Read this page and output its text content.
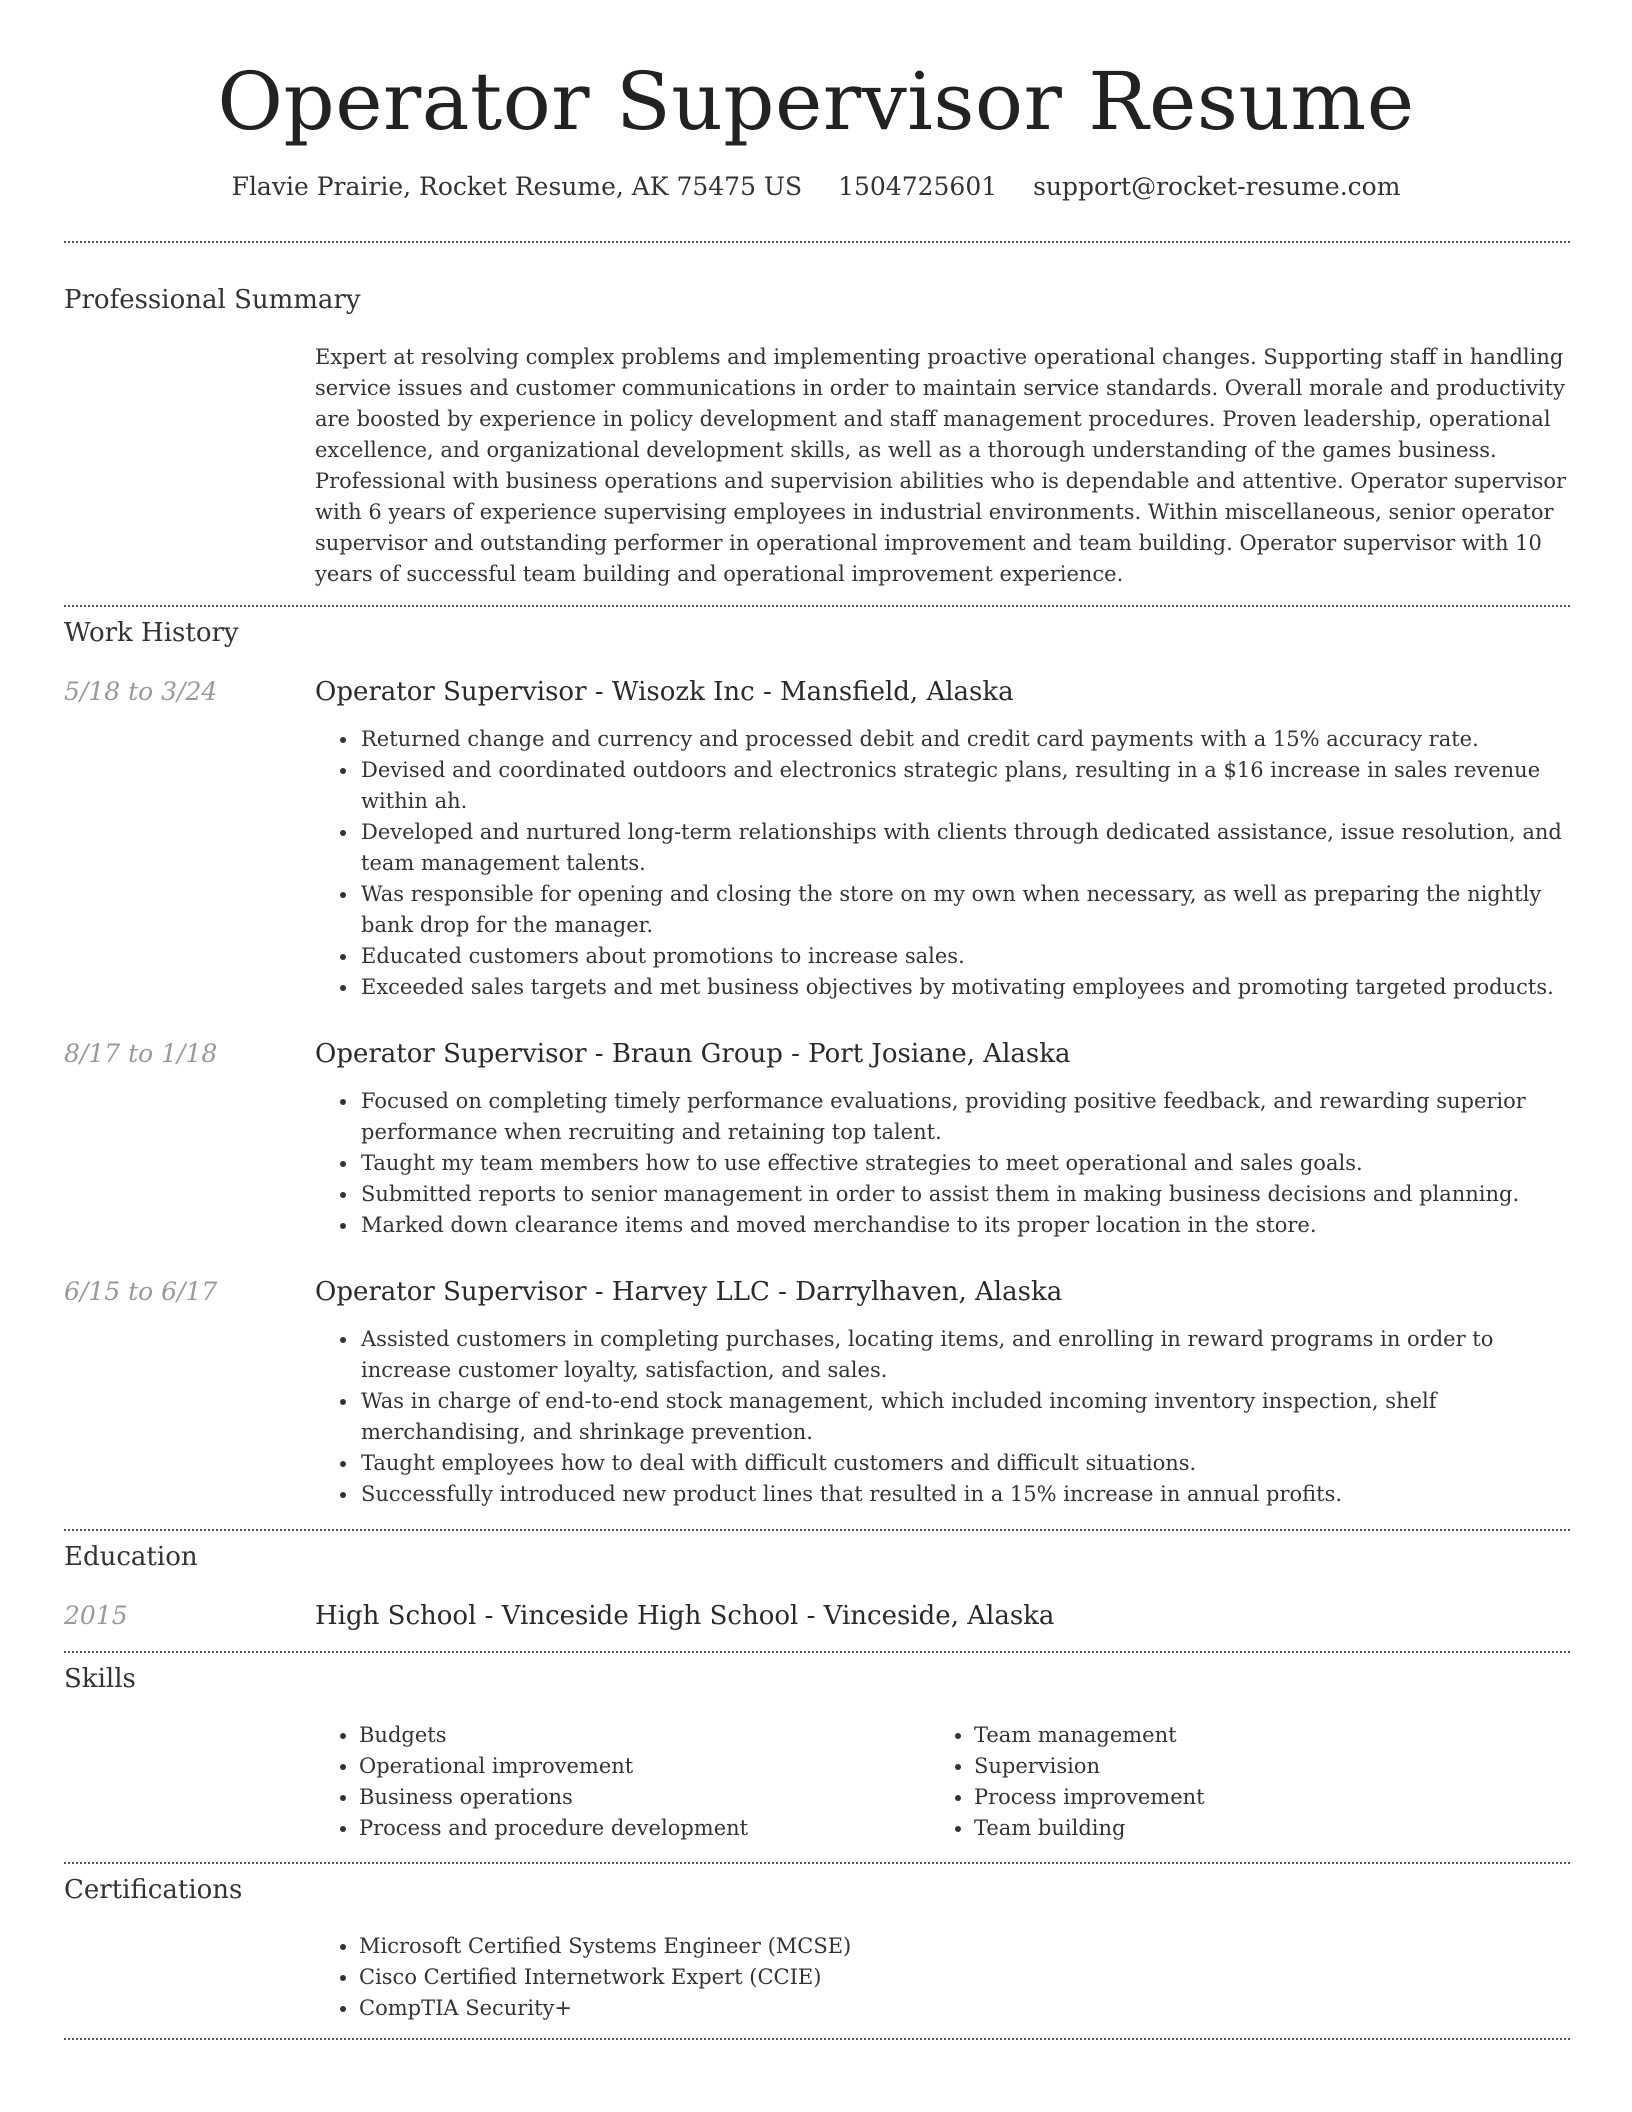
Operator Supervisor Resume
Flavie Prairie, Rocket Resume, AK 75475 US 1504725601 support@rocket-resume.com
Professional Summary
Expert at resolving complex problems and implementing proactive operational changes. Supporting staff in handling service issues and customer communications in order to maintain service standards. Overall morale and productivity are boosted by experience in policy development and staff management procedures. Proven leadership, operational excellence, and organizational development skills, as well as a thorough understanding of the games business. Professional with business operations and supervision abilities who is dependable and attentive. Operator supervisor with 6 years of experience supervising employees in industrial environments. Within miscellaneous, senior operator supervisor and outstanding performer in operational improvement and team building. Operator supervisor with 10 years of successful team building and operational improvement experience.
Work History
5/18 to 3/24	Operator Supervisor - Wisozk Inc - Mansfield, Alaska
• Returned change and currency and processed debit and credit card payments with a 15% accuracy rate.
• Devised and coordinated outdoors and electronics strategic plans, resulting in a $16 increase in sales revenue within ah.
• Developed and nurtured long-term relationships with clients through dedicated assistance, issue resolution, and team management talents.
• Was responsible for opening and closing the store on my own when necessary, as well as preparing the nightly bank drop for the manager.
• Educated customers about promotions to increase sales.
• Exceeded sales targets and met business objectives by motivating employees and promoting targeted products.
8/17 to 1/18	Operator Supervisor - Braun Group - Port Josiane, Alaska
• Focused on completing timely performance evaluations, providing positive feedback, and rewarding superior performance when recruiting and retaining top talent.
• Taught my team members how to use effective strategies to meet operational and sales goals.
• Submitted reports to senior management in order to assist them in making business decisions and planning.
• Marked down clearance items and moved merchandise to its proper location in the store.
6/15 to 6/17	Operator Supervisor - Harvey LLC - Darrylhaven, Alaska
• Assisted customers in completing purchases, locating items, and enrolling in reward programs in order to increase customer loyalty, satisfaction, and sales.
• Was in charge of end-to-end stock management, which included incoming inventory inspection, shelf merchandising, and shrinkage prevention.
• Taught employees how to deal with difficult customers and difficult situations.
• Successfully introduced new product lines that resulted in a 15% increase in annual profits.
Education
2015	High School - Vinceside High School - Vinceside, Alaska
Skills
• Budgets
• Operational improvement
• Business operations
• Process and procedure development
• Team management
• Supervision
• Process improvement
• Team building
Certifications
• Microsoft Certified Systems Engineer (MCSE)
• Cisco Certified Internetwork Expert (CCIE)
• CompTIA Security+
